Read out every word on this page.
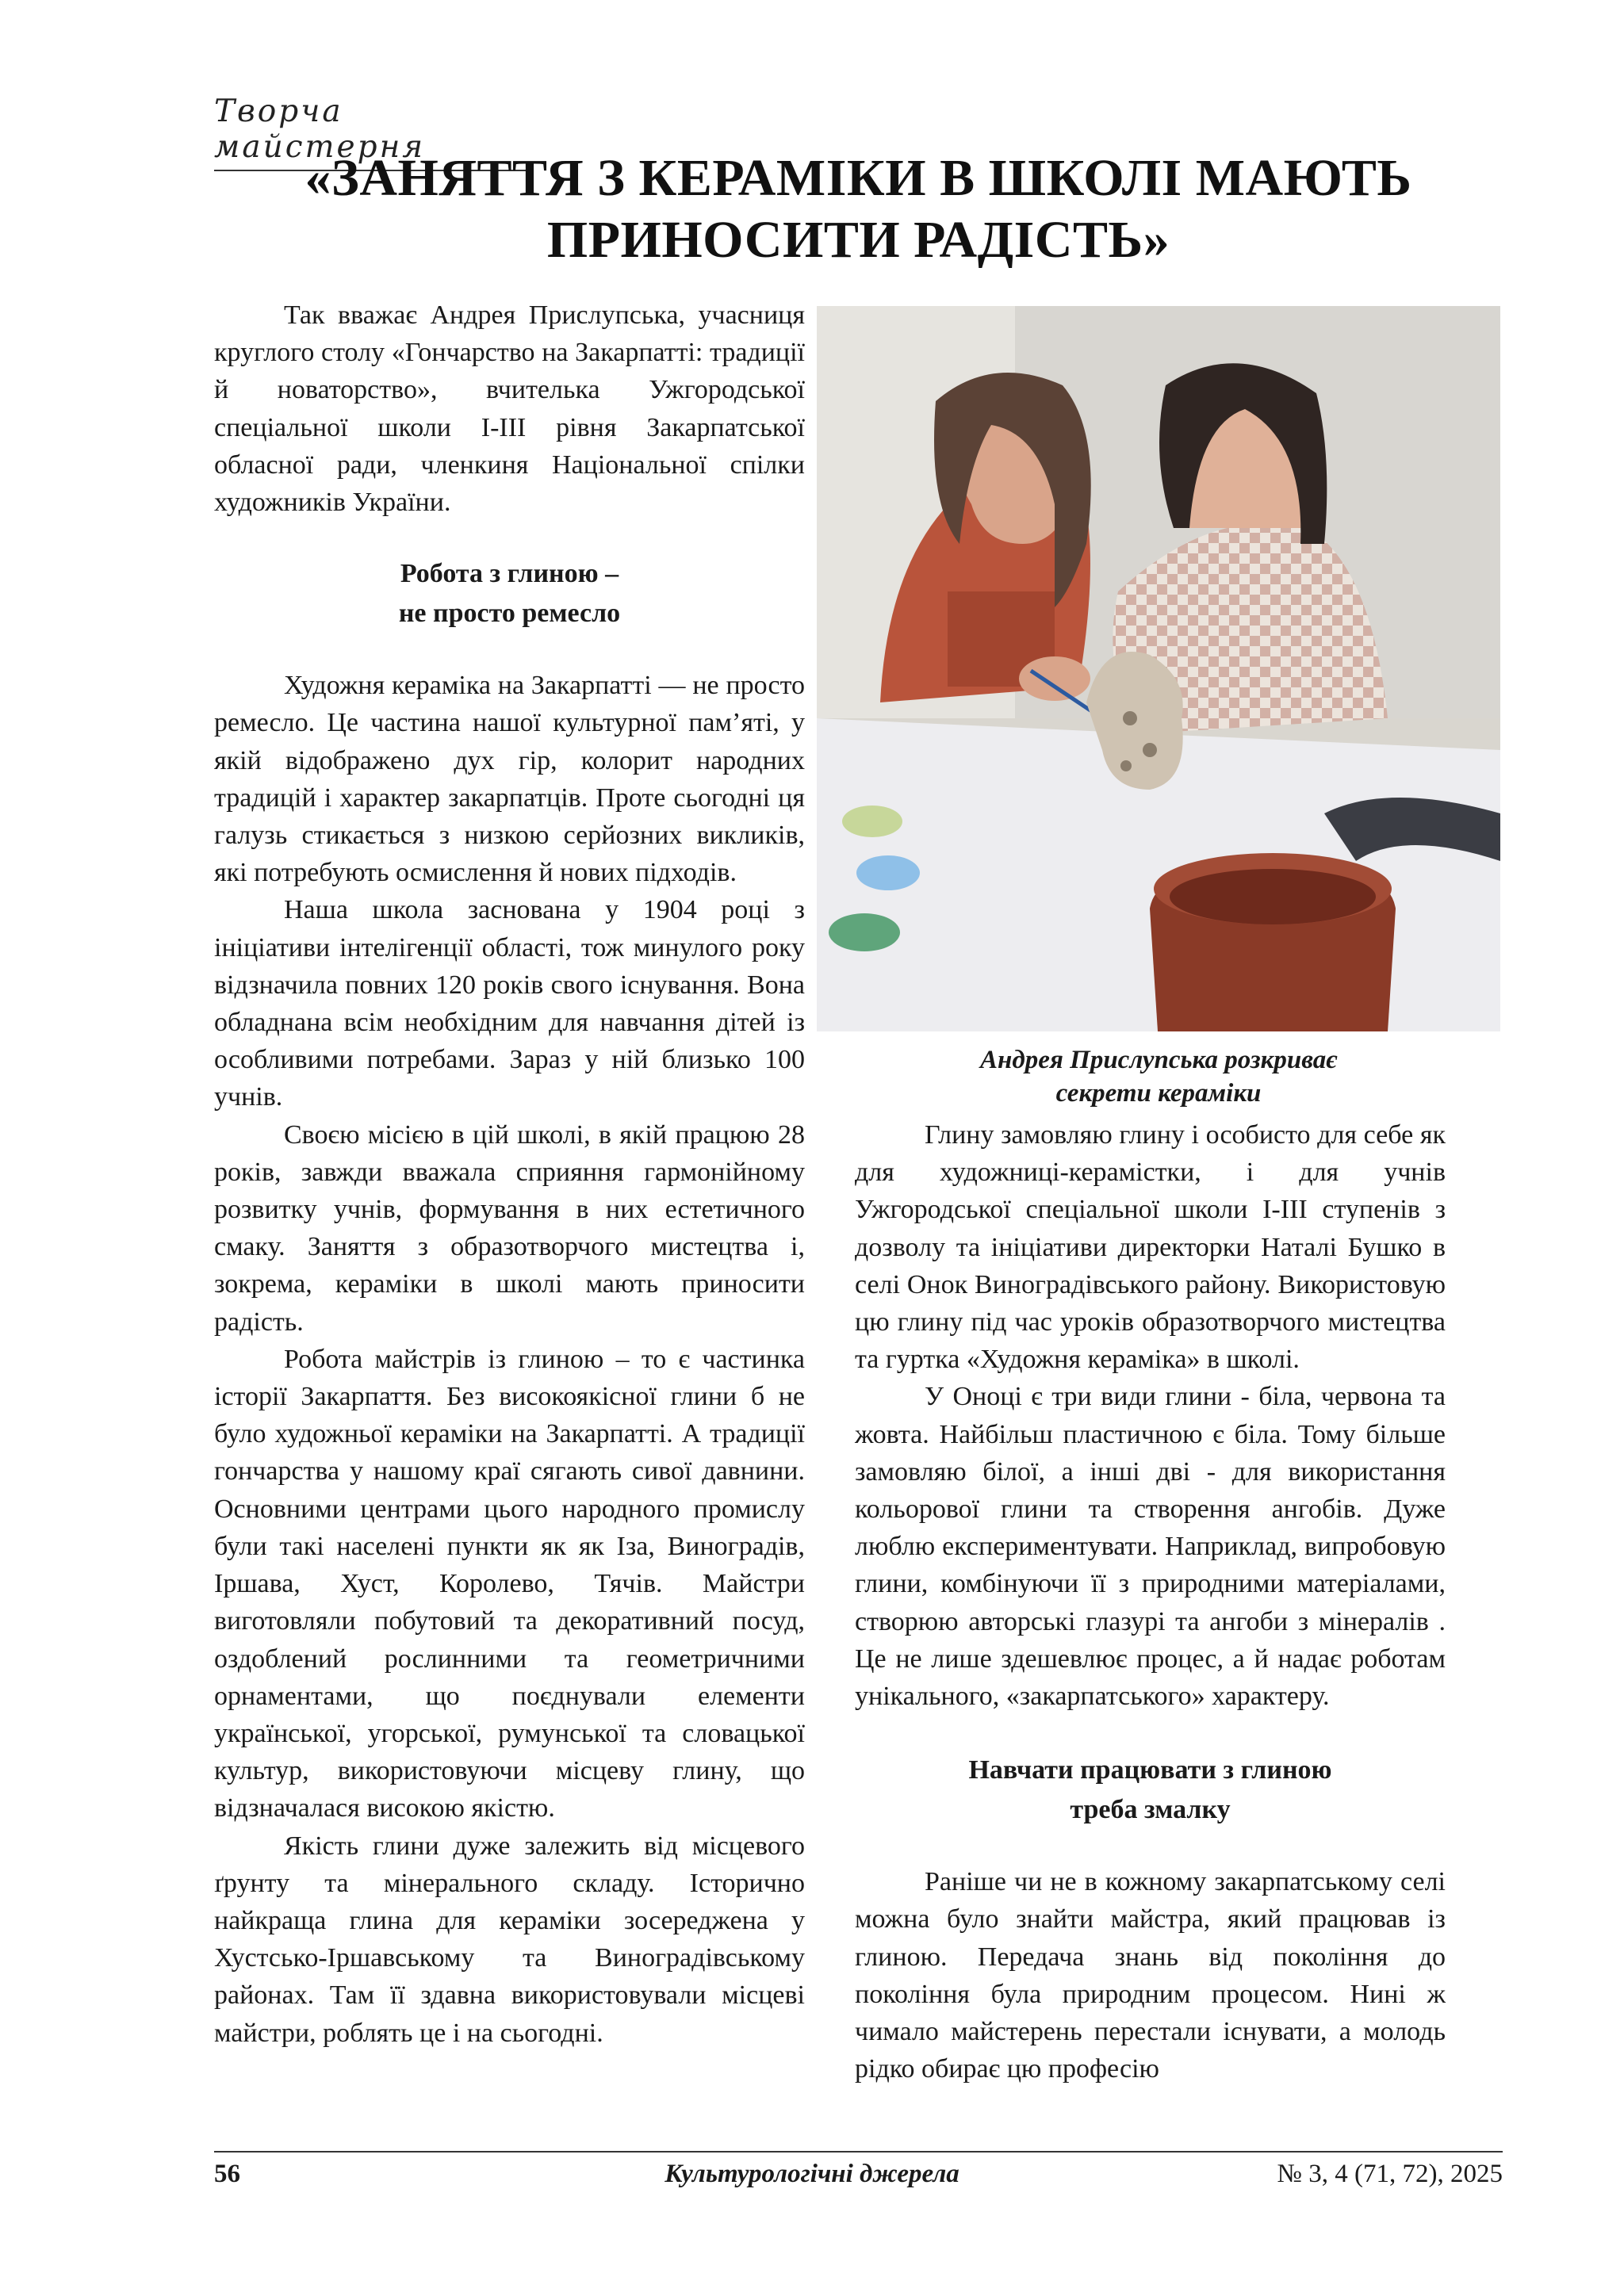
Творча майстерня
«ЗАНЯТТЯ З КЕРАМІКИ В ШКОЛІ МАЮТЬ
ПРИНОСИТИ РАДІСТЬ»

Так вважає Андрея Прислупська, учасниця круглого столу «Гончарство на Закарпатті: традиції й новаторство», вчителька Ужгородської спеціальної школи І-ІІІ рівня Закарпатської обласної ради, членкиня Національної спілки художників України.

Робота з глиною –
не просто ремесло

Художня кераміка на Закарпатті — не просто ремесло. Це частина нашої культурної пам’яті, у якій відображено дух гір, колорит народних традицій і характер закарпатців. Проте сьогодні ця галузь стикається з низкою серйозних викликів, які потребують осмислення й нових підходів.

Наша школа заснована у 1904 році з ініціативи інтелігенції області, тож минулого року відзначила повних 120 років свого існування. Вона обладнана всім необхідним для навчання дітей із особливими потребами. Зараз у ній близько 100 учнів.

Своєю місією в цій школі, в якій працюю 28 років, завжди вважала сприяння гармонійному розвитку учнів, формування в них естетичного смаку. Заняття з образотворчого мистецтва і, зокрема, кераміки в школі мають приносити радість.

Робота майстрів із глиною – то є частинка історії Закарпаття. Без високоякісної глини б не було художньої кераміки на Закарпатті. А традиції гончарства у нашому краї сягають сивої давнини. Основними центрами цього народного промислу були такі населені пункти як як Іза, Виноградів, Іршава, Хуст, Королево, Тячів. Майстри виготовляли побутовий та декоративний посуд, оздоблений рослинними та геометричними орнаментами, що поєднували елементи української, угорської, румунської та словацької культур, використовуючи місцеву глину, що відзначалася високою якістю.

Якість глини дуже залежить від місцевого ґрунту та мінерального складу. Історично найкраща глина для кераміки зосереджена у Хустсько-Іршавському та Виноградівському районах. Там її здавна використовували місцеві майстри, роблять це і на сьогодні.

Андрея Прислупська розкриває
секрети кераміки

Глину замовляю глину і особисто для себе як для художниці-керамістки, і для учнів Ужгородської спеціальної школи І-ІІІ ступенів з дозволу та ініціативи директорки Наталі Бушко в селі Онок Виноградівського району. Використовую цю глину під час уроків образотворчого мистецтва та гуртка «Художня кераміка» в школі.

У Оноці є три види глини - біла, червона та жовта. Найбільш пластичною є біла. Тому більше замовляю білої, а інші дві - для використання кольорової глини та створення ангобів. Дуже люблю експериментувати. Наприклад, випробовую глини, комбінуючи її з природними матеріалами, створюю авторські глазурі та ангоби з мінералів . Це не лише здешевлює процес, а й надає роботам унікального, «закарпатського» характеру.

Навчати працювати з глиною
треба змалку

Раніше чи не в кожному закарпатському селі можна було знайти майстра, який працював із глиною. Передача знань від покоління до покоління була природним процесом. Нині ж чимало майстерень перестали існувати, а молодь рідко обирає цю професію

Культурологічні джерела
56	№ 3, 4 (71, 72), 2025
